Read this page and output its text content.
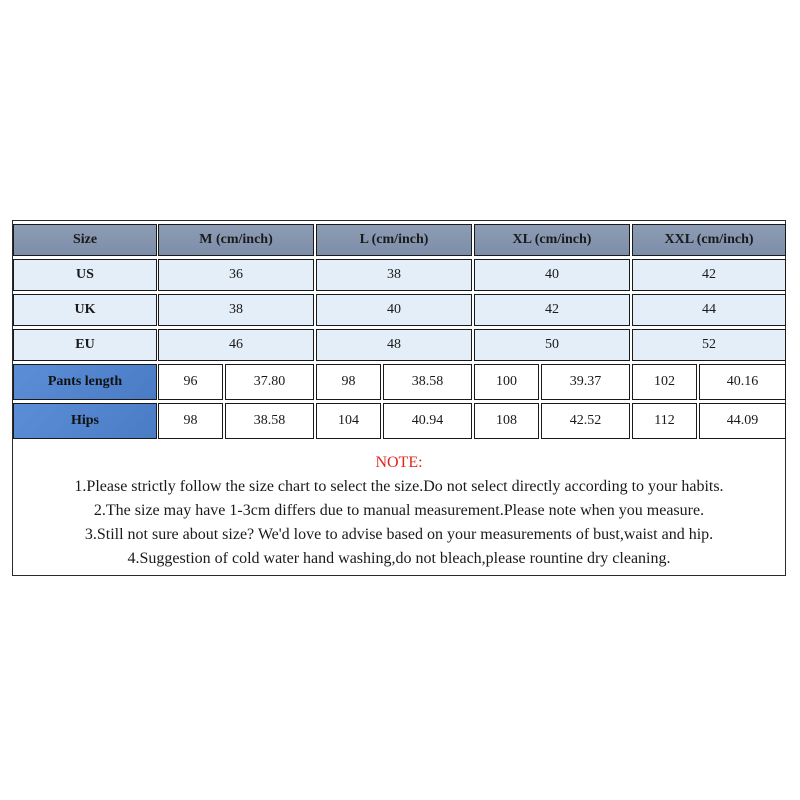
Size	M (cm/inch)	L (cm/inch)	XL (cm/inch)	XXL (cm/inch)
US	36	38	40	42
UK	38	40	42	44
EU	46	48	50	52
Pants length	96	37.80	98	38.58	100	39.37	102	40.16
Hips	98	38.58	104	40.94	108	42.52	112	44.09
NOTE:
1.Please strictly follow the size chart to select the size.Do not select directly according to your habits.
2.The size may have 1-3cm differs due to manual measurement.Please note when you measure.
3.Still not sure about size? We'd love to advise based on your measurements of bust,waist and hip.
4.Suggestion of cold water hand washing,do not bleach,please rountine dry cleaning.
